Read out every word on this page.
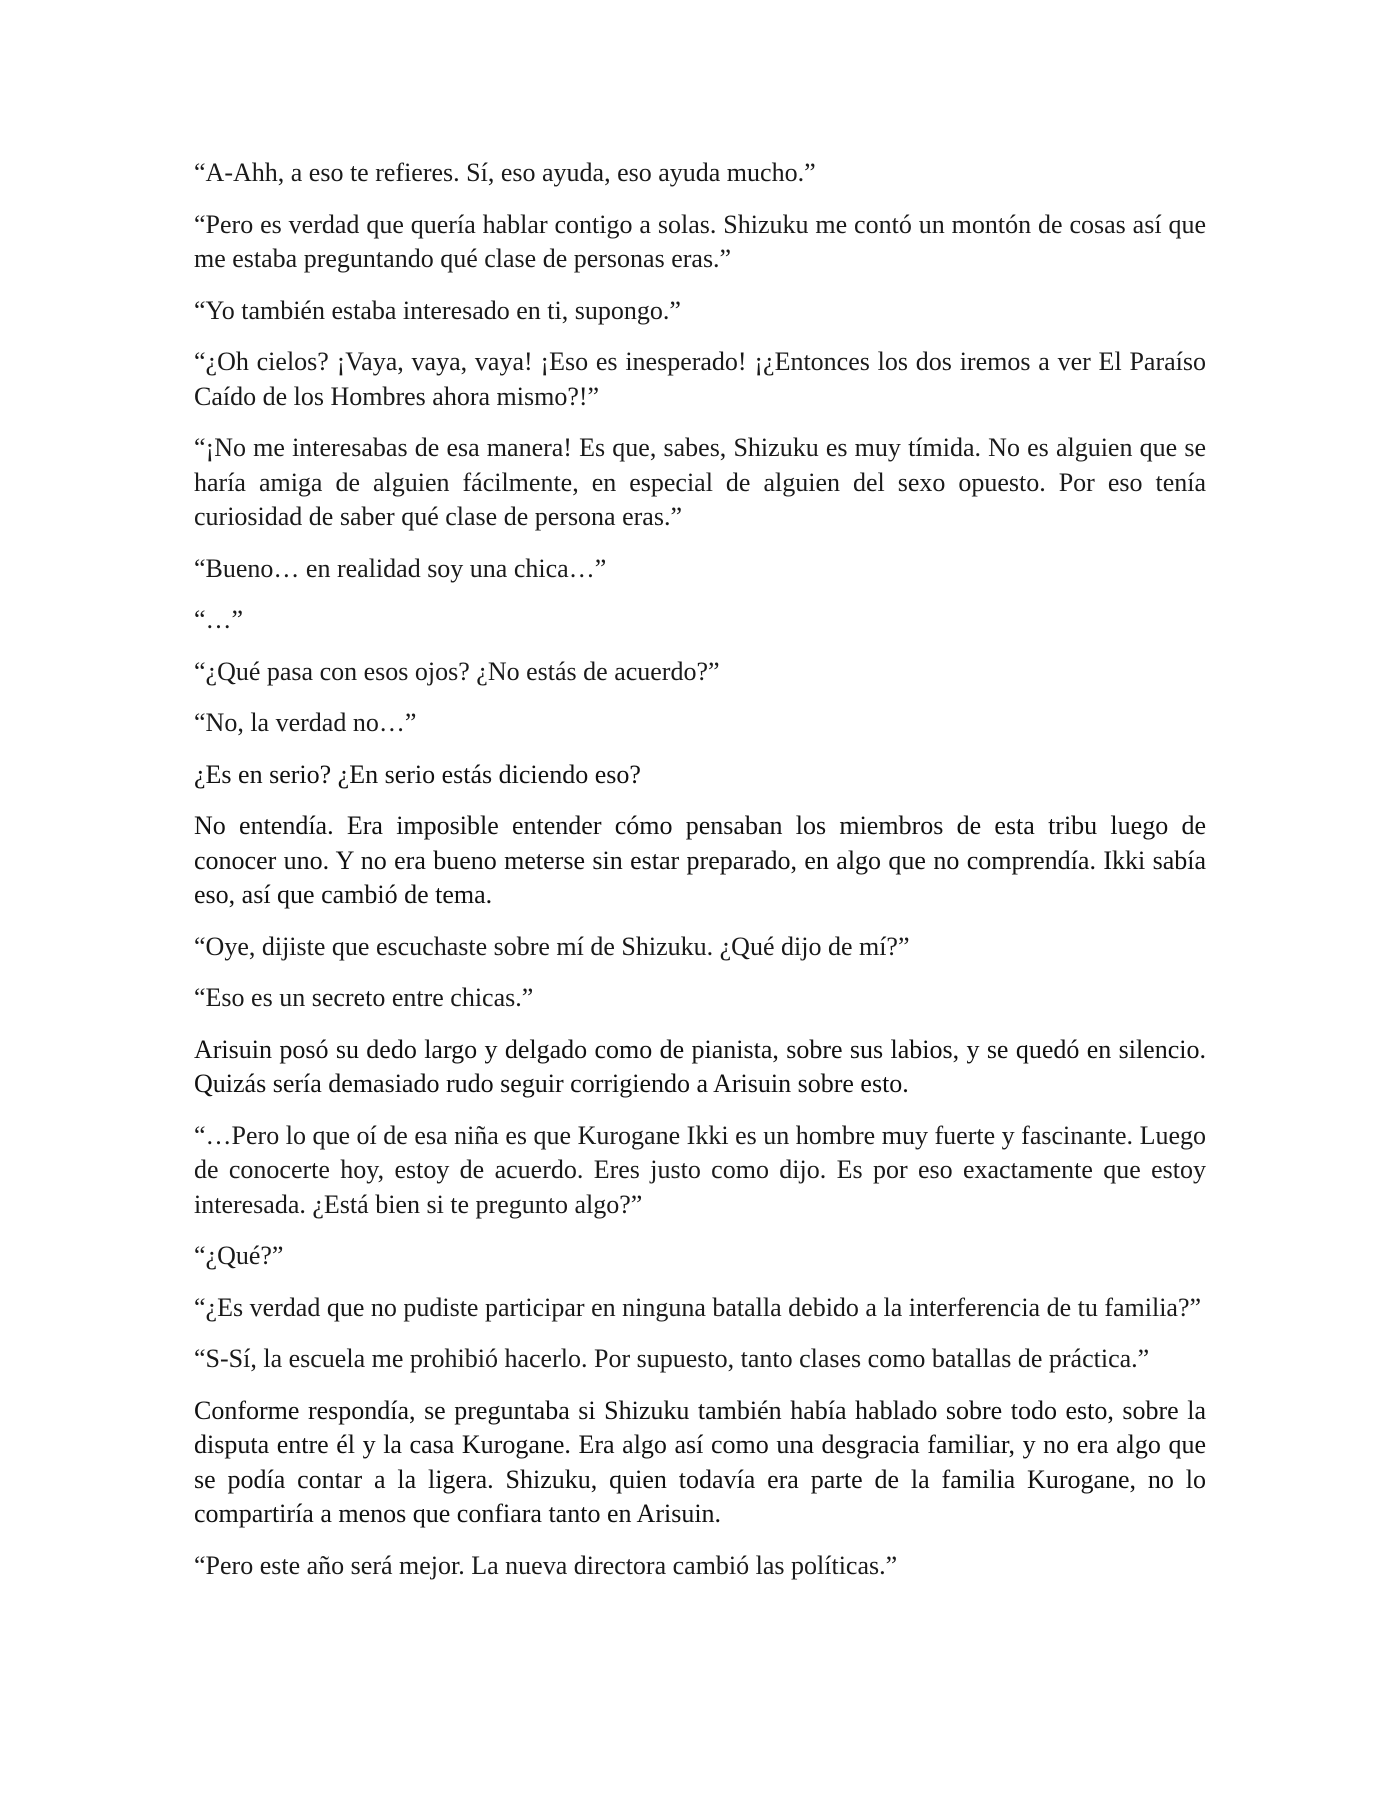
“A-Ahh, a eso te refieres. Sí, eso ayuda, eso ayuda mucho.”

“Pero es verdad que quería hablar contigo a solas. Shizuku me contó un montón de cosas así que me estaba preguntando qué clase de personas eras.”

“Yo también estaba interesado en ti, supongo.”

“¿Oh cielos? ¡Vaya, vaya, vaya! ¡Eso es inesperado! ¡¿Entonces los dos iremos a ver El Paraíso Caído de los Hombres ahora mismo?!”

“¡No me interesabas de esa manera! Es que, sabes, Shizuku es muy tímida. No es alguien que se haría amiga de alguien fácilmente, en especial de alguien del sexo opuesto. Por eso tenía curiosidad de saber qué clase de persona eras.”

“Bueno… en realidad soy una chica…”

“…”

“¿Qué pasa con esos ojos? ¿No estás de acuerdo?”

“No, la verdad no…”

¿Es en serio? ¿En serio estás diciendo eso?

No entendía. Era imposible entender cómo pensaban los miembros de esta tribu luego de conocer uno. Y no era bueno meterse sin estar preparado, en algo que no comprendía. Ikki sabía eso, así que cambió de tema.

“Oye, dijiste que escuchaste sobre mí de Shizuku. ¿Qué dijo de mí?”

“Eso es un secreto entre chicas.”

Arisuin posó su dedo largo y delgado como de pianista, sobre sus labios, y se quedó en silencio. Quizás sería demasiado rudo seguir corrigiendo a Arisuin sobre esto.

“…Pero lo que oí de esa niña es que Kurogane Ikki es un hombre muy fuerte y fascinante. Luego de conocerte hoy, estoy de acuerdo. Eres justo como dijo. Es por eso exactamente que estoy interesada. ¿Está bien si te pregunto algo?”

“¿Qué?”

“¿Es verdad que no pudiste participar en ninguna batalla debido a la interferencia de tu familia?”

“S-Sí, la escuela me prohibió hacerlo. Por supuesto, tanto clases como batallas de práctica.”

Conforme respondía, se preguntaba si Shizuku también había hablado sobre todo esto, sobre la disputa entre él y la casa Kurogane. Era algo así como una desgracia familiar, y no era algo que se podía contar a la ligera. Shizuku, quien todavía era parte de la familia Kurogane, no lo compartiría a menos que confiara tanto en Arisuin.

“Pero este año será mejor. La nueva directora cambió las políticas.”
